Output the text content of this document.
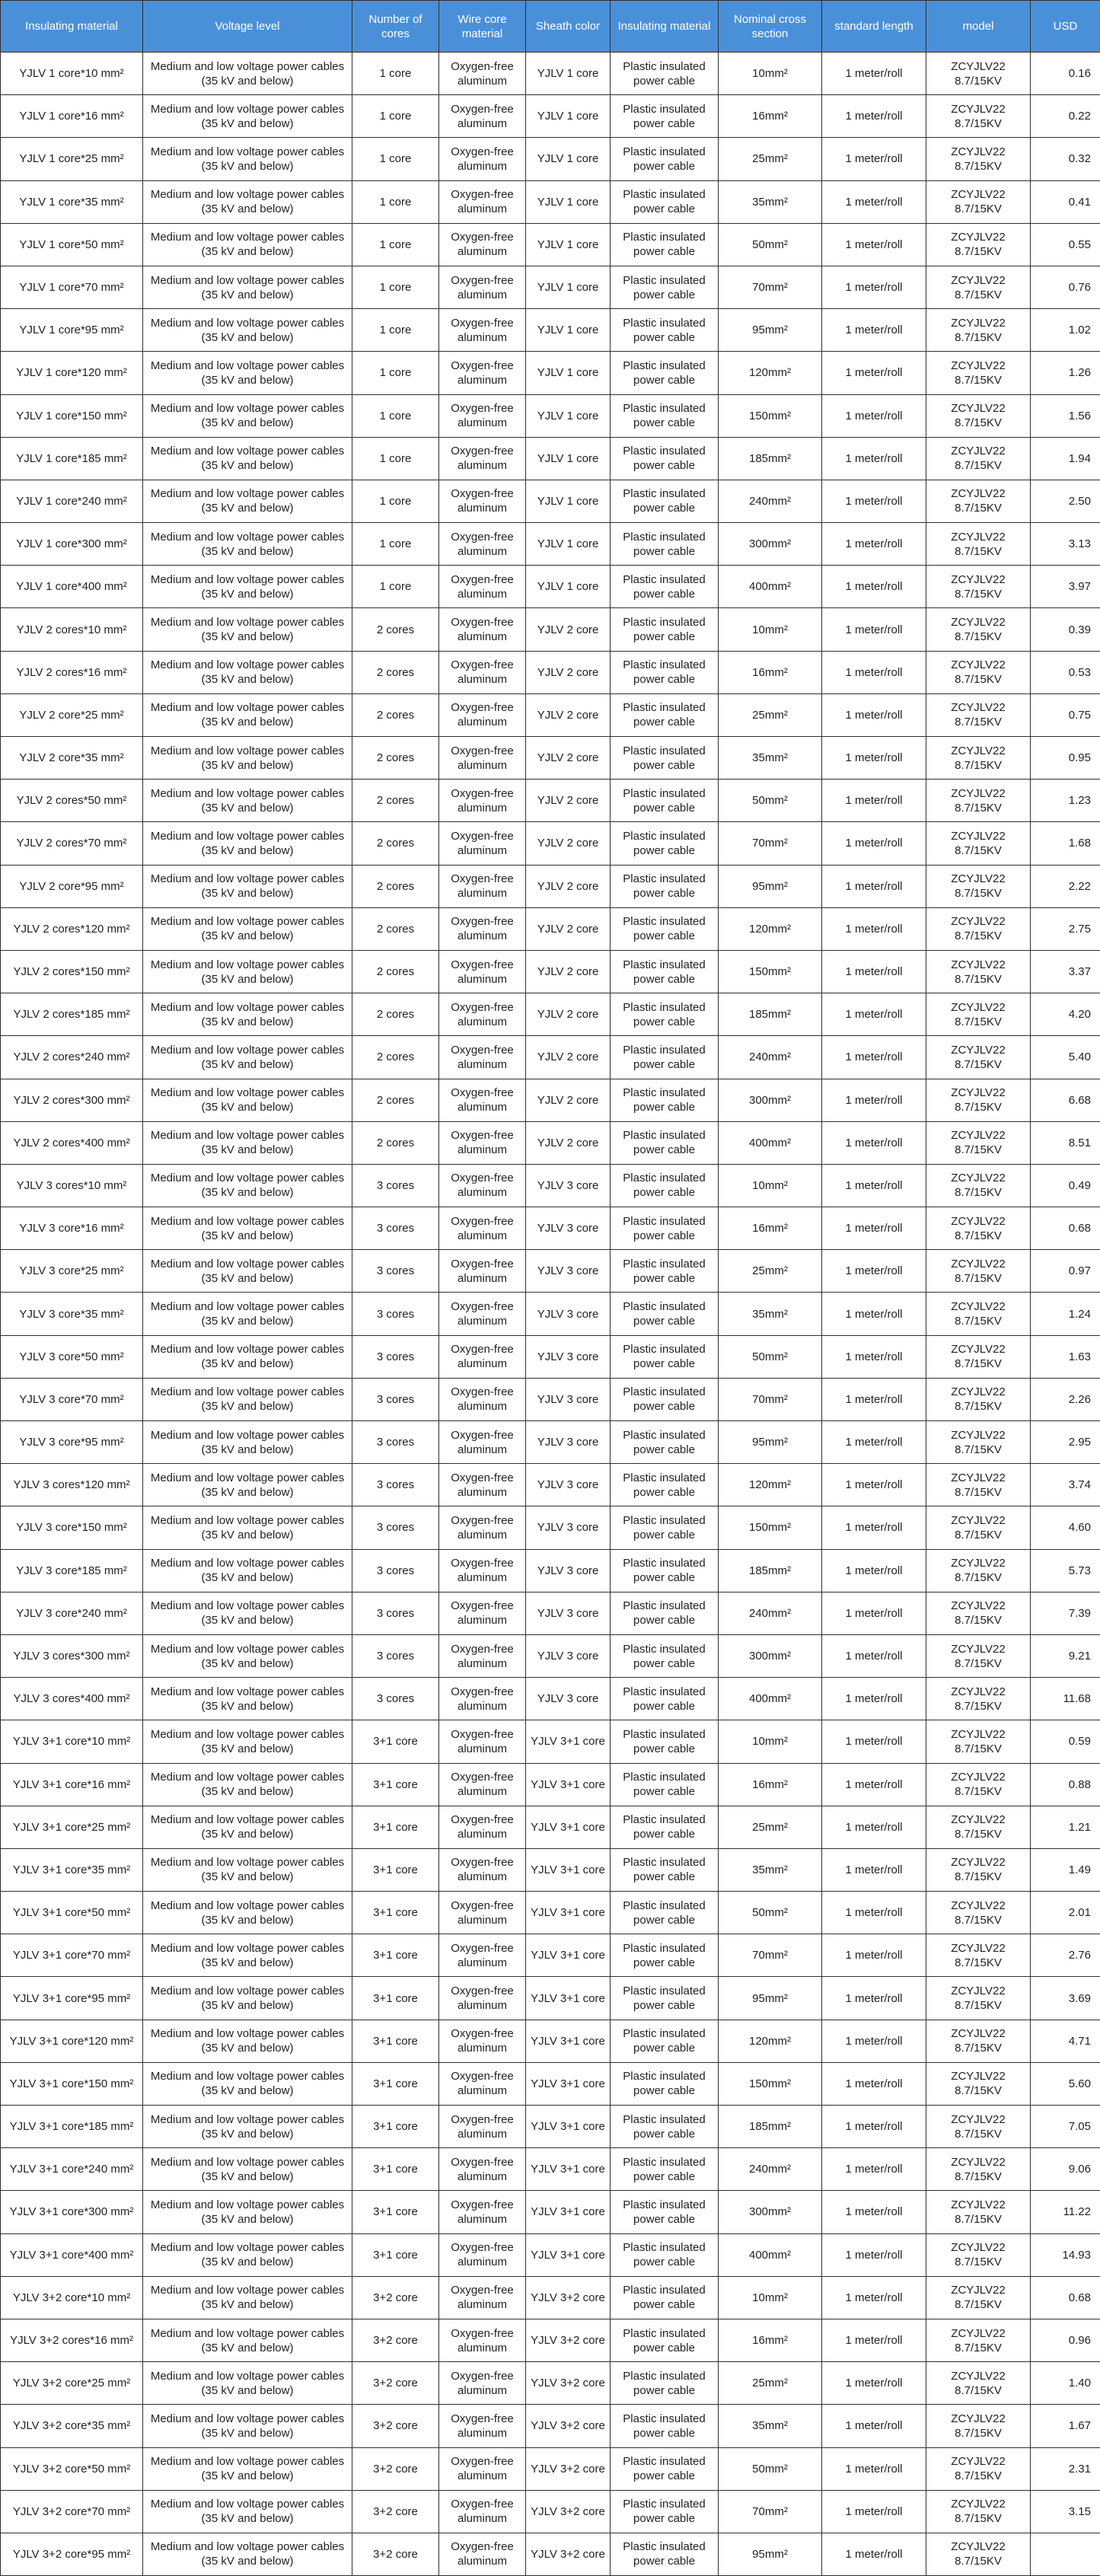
Insulating material	Voltage level	Number of cores	Wire core material	Sheath color	Insulating material	Nominal cross section	standard length	model	USD
YJLV 1 core*10 mm²	Medium and low voltage power cables (35 kV and below)	1 core	Oxygen-free aluminum	YJLV 1 core	Plastic insulated power cable	10mm²	1 meter/roll	ZCYJLV22 8.7/15KV	0.16
YJLV 1 core*16 mm²	Medium and low voltage power cables (35 kV and below)	1 core	Oxygen-free aluminum	YJLV 1 core	Plastic insulated power cable	16mm²	1 meter/roll	ZCYJLV22 8.7/15KV	0.22
YJLV 1 core*25 mm²	Medium and low voltage power cables (35 kV and below)	1 core	Oxygen-free aluminum	YJLV 1 core	Plastic insulated power cable	25mm²	1 meter/roll	ZCYJLV22 8.7/15KV	0.32
YJLV 1 core*35 mm²	Medium and low voltage power cables (35 kV and below)	1 core	Oxygen-free aluminum	YJLV 1 core	Plastic insulated power cable	35mm²	1 meter/roll	ZCYJLV22 8.7/15KV	0.41
YJLV 1 core*50 mm²	Medium and low voltage power cables (35 kV and below)	1 core	Oxygen-free aluminum	YJLV 1 core	Plastic insulated power cable	50mm²	1 meter/roll	ZCYJLV22 8.7/15KV	0.55
YJLV 1 core*70 mm²	Medium and low voltage power cables (35 kV and below)	1 core	Oxygen-free aluminum	YJLV 1 core	Plastic insulated power cable	70mm²	1 meter/roll	ZCYJLV22 8.7/15KV	0.76
YJLV 1 core*95 mm²	Medium and low voltage power cables (35 kV and below)	1 core	Oxygen-free aluminum	YJLV 1 core	Plastic insulated power cable	95mm²	1 meter/roll	ZCYJLV22 8.7/15KV	1.02
YJLV 1 core*120 mm²	Medium and low voltage power cables (35 kV and below)	1 core	Oxygen-free aluminum	YJLV 1 core	Plastic insulated power cable	120mm²	1 meter/roll	ZCYJLV22 8.7/15KV	1.26
YJLV 1 core*150 mm²	Medium and low voltage power cables (35 kV and below)	1 core	Oxygen-free aluminum	YJLV 1 core	Plastic insulated power cable	150mm²	1 meter/roll	ZCYJLV22 8.7/15KV	1.56
YJLV 1 core*185 mm²	Medium and low voltage power cables (35 kV and below)	1 core	Oxygen-free aluminum	YJLV 1 core	Plastic insulated power cable	185mm²	1 meter/roll	ZCYJLV22 8.7/15KV	1.94
YJLV 1 core*240 mm²	Medium and low voltage power cables (35 kV and below)	1 core	Oxygen-free aluminum	YJLV 1 core	Plastic insulated power cable	240mm²	1 meter/roll	ZCYJLV22 8.7/15KV	2.50
YJLV 1 core*300 mm²	Medium and low voltage power cables (35 kV and below)	1 core	Oxygen-free aluminum	YJLV 1 core	Plastic insulated power cable	300mm²	1 meter/roll	ZCYJLV22 8.7/15KV	3.13
YJLV 1 core*400 mm²	Medium and low voltage power cables (35 kV and below)	1 core	Oxygen-free aluminum	YJLV 1 core	Plastic insulated power cable	400mm²	1 meter/roll	ZCYJLV22 8.7/15KV	3.97
YJLV 2 cores*10 mm²	Medium and low voltage power cables (35 kV and below)	2 cores	Oxygen-free aluminum	YJLV 2 core	Plastic insulated power cable	10mm²	1 meter/roll	ZCYJLV22 8.7/15KV	0.39
YJLV 2 cores*16 mm²	Medium and low voltage power cables (35 kV and below)	2 cores	Oxygen-free aluminum	YJLV 2 core	Plastic insulated power cable	16mm²	1 meter/roll	ZCYJLV22 8.7/15KV	0.53
YJLV 2 core*25 mm²	Medium and low voltage power cables (35 kV and below)	2 cores	Oxygen-free aluminum	YJLV 2 core	Plastic insulated power cable	25mm²	1 meter/roll	ZCYJLV22 8.7/15KV	0.75
YJLV 2 core*35 mm²	Medium and low voltage power cables (35 kV and below)	2 cores	Oxygen-free aluminum	YJLV 2 core	Plastic insulated power cable	35mm²	1 meter/roll	ZCYJLV22 8.7/15KV	0.95
YJLV 2 cores*50 mm²	Medium and low voltage power cables (35 kV and below)	2 cores	Oxygen-free aluminum	YJLV 2 core	Plastic insulated power cable	50mm²	1 meter/roll	ZCYJLV22 8.7/15KV	1.23
YJLV 2 cores*70 mm²	Medium and low voltage power cables (35 kV and below)	2 cores	Oxygen-free aluminum	YJLV 2 core	Plastic insulated power cable	70mm²	1 meter/roll	ZCYJLV22 8.7/15KV	1.68
YJLV 2 core*95 mm²	Medium and low voltage power cables (35 kV and below)	2 cores	Oxygen-free aluminum	YJLV 2 core	Plastic insulated power cable	95mm²	1 meter/roll	ZCYJLV22 8.7/15KV	2.22
YJLV 2 cores*120 mm²	Medium and low voltage power cables (35 kV and below)	2 cores	Oxygen-free aluminum	YJLV 2 core	Plastic insulated power cable	120mm²	1 meter/roll	ZCYJLV22 8.7/15KV	2.75
YJLV 2 cores*150 mm²	Medium and low voltage power cables (35 kV and below)	2 cores	Oxygen-free aluminum	YJLV 2 core	Plastic insulated power cable	150mm²	1 meter/roll	ZCYJLV22 8.7/15KV	3.37
YJLV 2 cores*185 mm²	Medium and low voltage power cables (35 kV and below)	2 cores	Oxygen-free aluminum	YJLV 2 core	Plastic insulated power cable	185mm²	1 meter/roll	ZCYJLV22 8.7/15KV	4.20
YJLV 2 cores*240 mm²	Medium and low voltage power cables (35 kV and below)	2 cores	Oxygen-free aluminum	YJLV 2 core	Plastic insulated power cable	240mm²	1 meter/roll	ZCYJLV22 8.7/15KV	5.40
YJLV 2 cores*300 mm²	Medium and low voltage power cables (35 kV and below)	2 cores	Oxygen-free aluminum	YJLV 2 core	Plastic insulated power cable	300mm²	1 meter/roll	ZCYJLV22 8.7/15KV	6.68
YJLV 2 cores*400 mm²	Medium and low voltage power cables (35 kV and below)	2 cores	Oxygen-free aluminum	YJLV 2 core	Plastic insulated power cable	400mm²	1 meter/roll	ZCYJLV22 8.7/15KV	8.51
YJLV 3 cores*10 mm²	Medium and low voltage power cables (35 kV and below)	3 cores	Oxygen-free aluminum	YJLV 3 core	Plastic insulated power cable	10mm²	1 meter/roll	ZCYJLV22 8.7/15KV	0.49
YJLV 3 core*16 mm²	Medium and low voltage power cables (35 kV and below)	3 cores	Oxygen-free aluminum	YJLV 3 core	Plastic insulated power cable	16mm²	1 meter/roll	ZCYJLV22 8.7/15KV	0.68
YJLV 3 core*25 mm²	Medium and low voltage power cables (35 kV and below)	3 cores	Oxygen-free aluminum	YJLV 3 core	Plastic insulated power cable	25mm²	1 meter/roll	ZCYJLV22 8.7/15KV	0.97
YJLV 3 core*35 mm²	Medium and low voltage power cables (35 kV and below)	3 cores	Oxygen-free aluminum	YJLV 3 core	Plastic insulated power cable	35mm²	1 meter/roll	ZCYJLV22 8.7/15KV	1.24
YJLV 3 core*50 mm²	Medium and low voltage power cables (35 kV and below)	3 cores	Oxygen-free aluminum	YJLV 3 core	Plastic insulated power cable	50mm²	1 meter/roll	ZCYJLV22 8.7/15KV	1.63
YJLV 3 core*70 mm²	Medium and low voltage power cables (35 kV and below)	3 cores	Oxygen-free aluminum	YJLV 3 core	Plastic insulated power cable	70mm²	1 meter/roll	ZCYJLV22 8.7/15KV	2.26
YJLV 3 core*95 mm²	Medium and low voltage power cables (35 kV and below)	3 cores	Oxygen-free aluminum	YJLV 3 core	Plastic insulated power cable	95mm²	1 meter/roll	ZCYJLV22 8.7/15KV	2.95
YJLV 3 cores*120 mm²	Medium and low voltage power cables (35 kV and below)	3 cores	Oxygen-free aluminum	YJLV 3 core	Plastic insulated power cable	120mm²	1 meter/roll	ZCYJLV22 8.7/15KV	3.74
YJLV 3 core*150 mm²	Medium and low voltage power cables (35 kV and below)	3 cores	Oxygen-free aluminum	YJLV 3 core	Plastic insulated power cable	150mm²	1 meter/roll	ZCYJLV22 8.7/15KV	4.60
YJLV 3 core*185 mm²	Medium and low voltage power cables (35 kV and below)	3 cores	Oxygen-free aluminum	YJLV 3 core	Plastic insulated power cable	185mm²	1 meter/roll	ZCYJLV22 8.7/15KV	5.73
YJLV 3 core*240 mm²	Medium and low voltage power cables (35 kV and below)	3 cores	Oxygen-free aluminum	YJLV 3 core	Plastic insulated power cable	240mm²	1 meter/roll	ZCYJLV22 8.7/15KV	7.39
YJLV 3 cores*300 mm²	Medium and low voltage power cables (35 kV and below)	3 cores	Oxygen-free aluminum	YJLV 3 core	Plastic insulated power cable	300mm²	1 meter/roll	ZCYJLV22 8.7/15KV	9.21
YJLV 3 cores*400 mm²	Medium and low voltage power cables (35 kV and below)	3 cores	Oxygen-free aluminum	YJLV 3 core	Plastic insulated power cable	400mm²	1 meter/roll	ZCYJLV22 8.7/15KV	11.68
YJLV 3+1 core*10 mm²	Medium and low voltage power cables (35 kV and below)	3+1 core	Oxygen-free aluminum	YJLV 3+1 core	Plastic insulated power cable	10mm²	1 meter/roll	ZCYJLV22 8.7/15KV	0.59
YJLV 3+1 core*16 mm²	Medium and low voltage power cables (35 kV and below)	3+1 core	Oxygen-free aluminum	YJLV 3+1 core	Plastic insulated power cable	16mm²	1 meter/roll	ZCYJLV22 8.7/15KV	0.88
YJLV 3+1 core*25 mm²	Medium and low voltage power cables (35 kV and below)	3+1 core	Oxygen-free aluminum	YJLV 3+1 core	Plastic insulated power cable	25mm²	1 meter/roll	ZCYJLV22 8.7/15KV	1.21
YJLV 3+1 core*35 mm²	Medium and low voltage power cables (35 kV and below)	3+1 core	Oxygen-free aluminum	YJLV 3+1 core	Plastic insulated power cable	35mm²	1 meter/roll	ZCYJLV22 8.7/15KV	1.49
YJLV 3+1 core*50 mm²	Medium and low voltage power cables (35 kV and below)	3+1 core	Oxygen-free aluminum	YJLV 3+1 core	Plastic insulated power cable	50mm²	1 meter/roll	ZCYJLV22 8.7/15KV	2.01
YJLV 3+1 core*70 mm²	Medium and low voltage power cables (35 kV and below)	3+1 core	Oxygen-free aluminum	YJLV 3+1 core	Plastic insulated power cable	70mm²	1 meter/roll	ZCYJLV22 8.7/15KV	2.76
YJLV 3+1 core*95 mm²	Medium and low voltage power cables (35 kV and below)	3+1 core	Oxygen-free aluminum	YJLV 3+1 core	Plastic insulated power cable	95mm²	1 meter/roll	ZCYJLV22 8.7/15KV	3.69
YJLV 3+1 core*120 mm²	Medium and low voltage power cables (35 kV and below)	3+1 core	Oxygen-free aluminum	YJLV 3+1 core	Plastic insulated power cable	120mm²	1 meter/roll	ZCYJLV22 8.7/15KV	4.71
YJLV 3+1 core*150 mm²	Medium and low voltage power cables (35 kV and below)	3+1 core	Oxygen-free aluminum	YJLV 3+1 core	Plastic insulated power cable	150mm²	1 meter/roll	ZCYJLV22 8.7/15KV	5.60
YJLV 3+1 core*185 mm²	Medium and low voltage power cables (35 kV and below)	3+1 core	Oxygen-free aluminum	YJLV 3+1 core	Plastic insulated power cable	185mm²	1 meter/roll	ZCYJLV22 8.7/15KV	7.05
YJLV 3+1 core*240 mm²	Medium and low voltage power cables (35 kV and below)	3+1 core	Oxygen-free aluminum	YJLV 3+1 core	Plastic insulated power cable	240mm²	1 meter/roll	ZCYJLV22 8.7/15KV	9.06
YJLV 3+1 core*300 mm²	Medium and low voltage power cables (35 kV and below)	3+1 core	Oxygen-free aluminum	YJLV 3+1 core	Plastic insulated power cable	300mm²	1 meter/roll	ZCYJLV22 8.7/15KV	11.22
YJLV 3+1 core*400 mm²	Medium and low voltage power cables (35 kV and below)	3+1 core	Oxygen-free aluminum	YJLV 3+1 core	Plastic insulated power cable	400mm²	1 meter/roll	ZCYJLV22 8.7/15KV	14.93
YJLV 3+2 core*10 mm²	Medium and low voltage power cables (35 kV and below)	3+2 core	Oxygen-free aluminum	YJLV 3+2 core	Plastic insulated power cable	10mm²	1 meter/roll	ZCYJLV22 8.7/15KV	0.68
YJLV 3+2 cores*16 mm²	Medium and low voltage power cables (35 kV and below)	3+2 core	Oxygen-free aluminum	YJLV 3+2 core	Plastic insulated power cable	16mm²	1 meter/roll	ZCYJLV22 8.7/15KV	0.96
YJLV 3+2 core*25 mm²	Medium and low voltage power cables (35 kV and below)	3+2 core	Oxygen-free aluminum	YJLV 3+2 core	Plastic insulated power cable	25mm²	1 meter/roll	ZCYJLV22 8.7/15KV	1.40
YJLV 3+2 core*35 mm²	Medium and low voltage power cables (35 kV and below)	3+2 core	Oxygen-free aluminum	YJLV 3+2 core	Plastic insulated power cable	35mm²	1 meter/roll	ZCYJLV22 8.7/15KV	1.67
YJLV 3+2 core*50 mm²	Medium and low voltage power cables (35 kV and below)	3+2 core	Oxygen-free aluminum	YJLV 3+2 core	Plastic insulated power cable	50mm²	1 meter/roll	ZCYJLV22 8.7/15KV	2.31
YJLV 3+2 core*70 mm²	Medium and low voltage power cables (35 kV and below)	3+2 core	Oxygen-free aluminum	YJLV 3+2 core	Plastic insulated power cable	70mm²	1 meter/roll	ZCYJLV22 8.7/15KV	3.15
YJLV 3+2 core*95 mm²	Medium and low voltage power cables (35 kV and below)	3+2 core	Oxygen-free aluminum	YJLV 3+2 core	Plastic insulated power cable	95mm²	1 meter/roll	ZCYJLV22 8.7/15KV	
